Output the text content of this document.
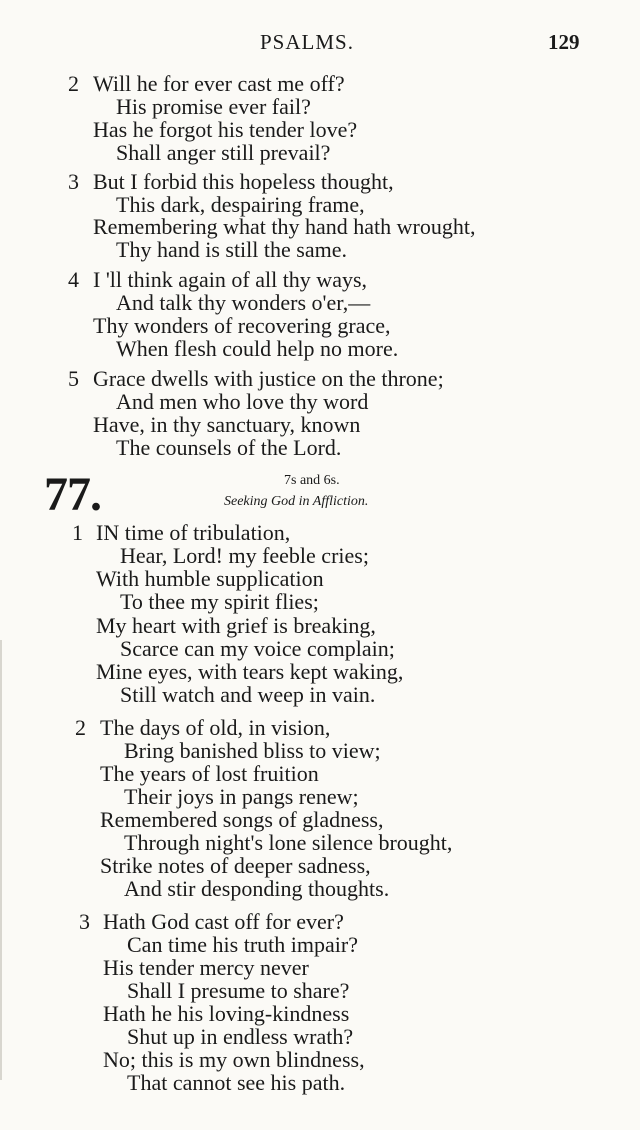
PSALMS.	129
2 Will he for ever cast me off?
His promise ever fail?
Has he forgot his tender love?
Shall anger still prevail?
3 But I forbid this hopeless thought,
This dark, despairing frame,
Remembering what thy hand hath wrought,
Thy hand is still the same.
4 I 'll think again of all thy ways,
And talk thy wonders o'er,—
Thy wonders of recovering grace,
When flesh could help no more.
5 Grace dwells with justice on the throne;
And men who love thy word
Have, in thy sanctuary, known
The counsels of the Lord.
77.	7s and 6s.
Seeking God in Affliction.
1 IN time of tribulation,
Hear, Lord! my feeble cries;
With humble supplication
To thee my spirit flies;
My heart with grief is breaking,
Scarce can my voice complain;
Mine eyes, with tears kept waking,
Still watch and weep in vain.
2 The days of old, in vision,
Bring banished bliss to view;
The years of lost fruition
Their joys in pangs renew;
Remembered songs of gladness,
Through night's lone silence brought,
Strike notes of deeper sadness,
And stir desponding thoughts.
3 Hath God cast off for ever?
Can time his truth impair?
His tender mercy never
Shall I presume to share?
Hath he his loving-kindness
Shut up in endless wrath?
No; this is my own blindness,
That cannot see his path.
